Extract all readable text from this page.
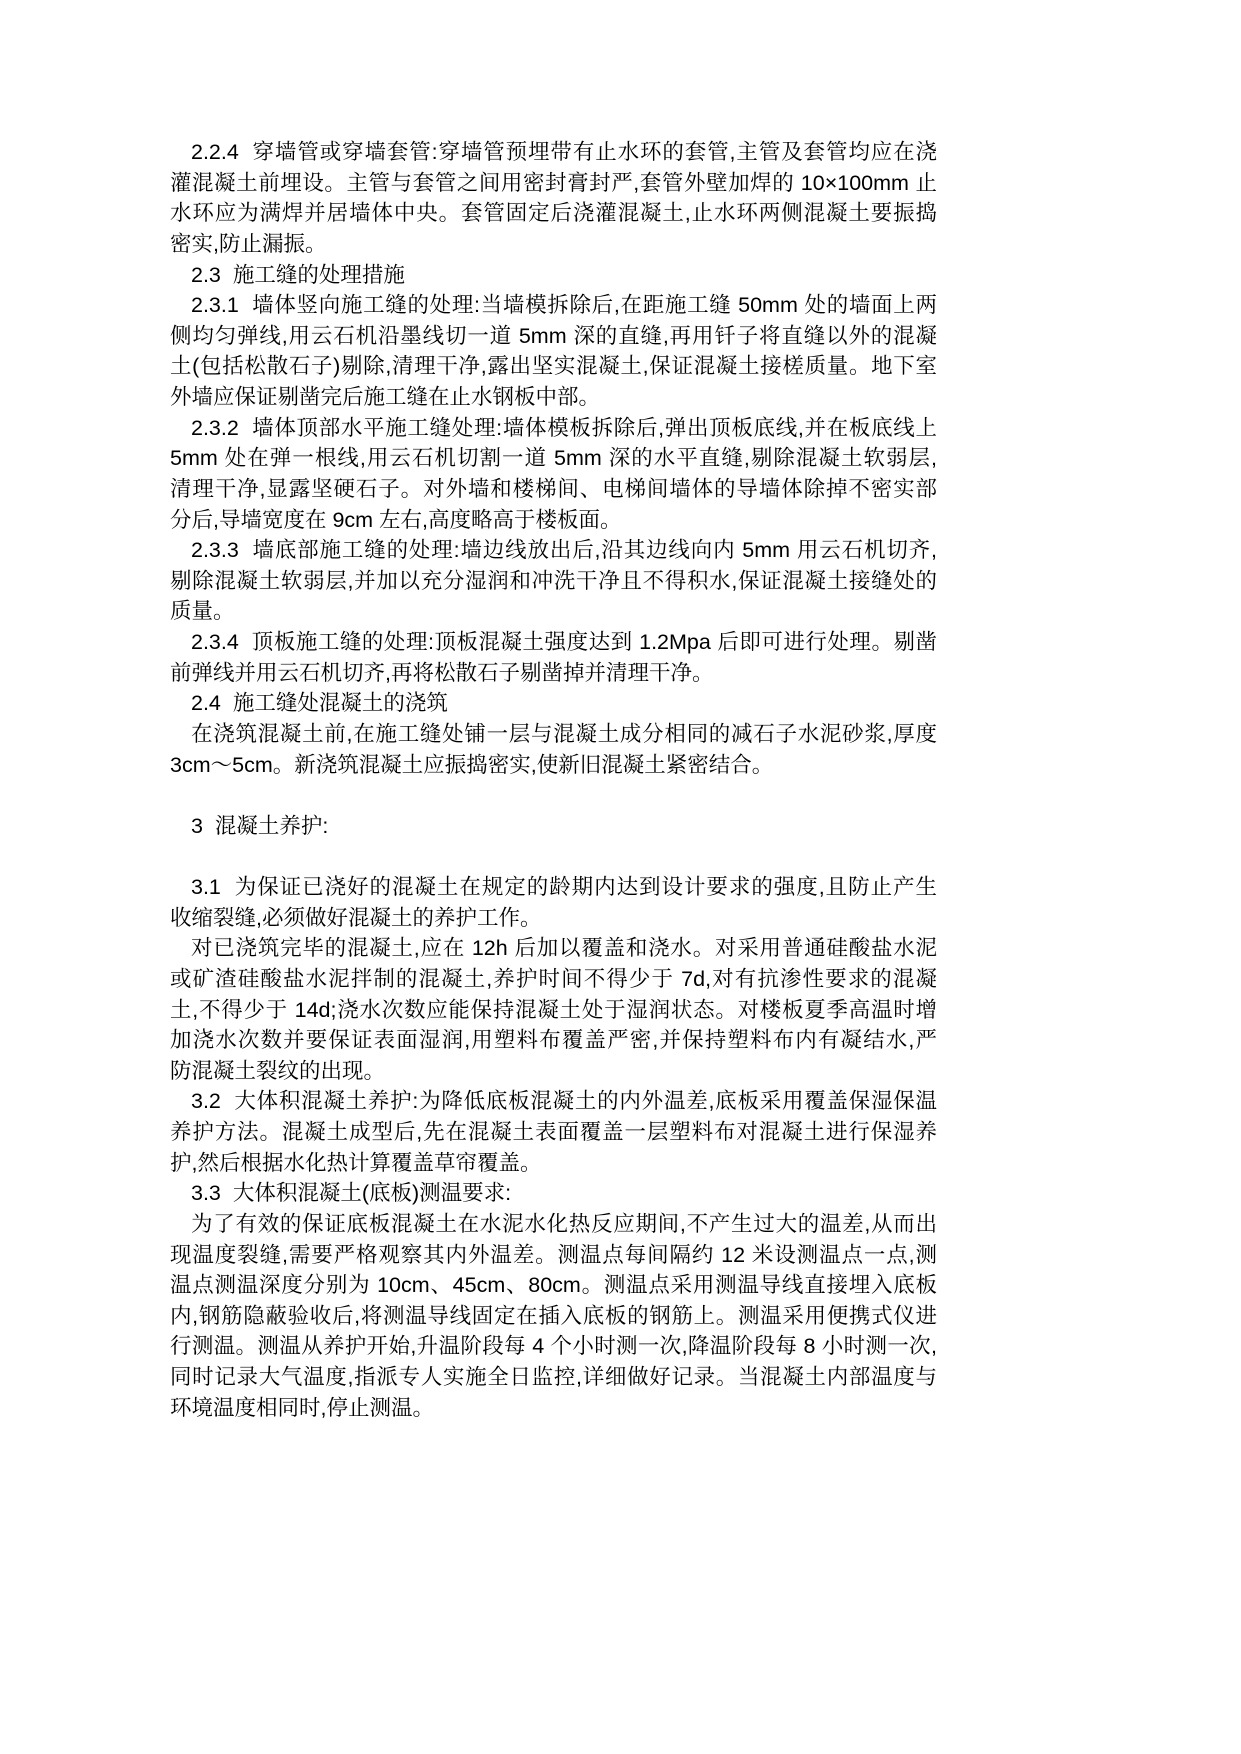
2.2.4  穿墙管或穿墙套管:穿墙管预埋带有止水环的套管,主管及套管均应在浇
灌混凝土前埋设。主管与套管之间用密封膏封严,套管外壁加焊的 10×100mm 止
水环应为满焊并居墙体中央。套管固定后浇灌混凝土,止水环两侧混凝土要振捣
密实,防止漏振。
2.3  施工缝的处理措施
2.3.1  墙体竖向施工缝的处理:当墙模拆除后,在距施工缝 50mm 处的墙面上两
侧均匀弹线,用云石机沿墨线切一道 5mm 深的直缝,再用钎子将直缝以外的混凝
土(包括松散石子)剔除,清理干净,露出坚实混凝土,保证混凝土接槎质量。地下室
外墙应保证剔凿完后施工缝在止水钢板中部。
2.3.2  墙体顶部水平施工缝处理:墙体模板拆除后,弹出顶板底线,并在板底线上
5mm 处在弹一根线,用云石机切割一道 5mm 深的水平直缝,剔除混凝土软弱层,
清理干净,显露坚硬石子。对外墙和楼梯间、电梯间墙体的导墙体除掉不密实部
分后,导墙宽度在 9cm 左右,高度略高于楼板面。
2.3.3  墙底部施工缝的处理:墙边线放出后,沿其边线向内 5mm 用云石机切齐,
剔除混凝土软弱层,并加以充分湿润和冲洗干净且不得积水,保证混凝土接缝处的
质量。
2.3.4  顶板施工缝的处理:顶板混凝土强度达到 1.2Mpa 后即可进行处理。剔凿
前弹线并用云石机切齐,再将松散石子剔凿掉并清理干净。
2.4  施工缝处混凝土的浇筑
在浇筑混凝土前,在施工缝处铺一层与混凝土成分相同的减石子水泥砂浆,厚度
3cm～5cm。新浇筑混凝土应振捣密实,使新旧混凝土紧密结合。
3  混凝土养护:
3.1  为保证已浇好的混凝土在规定的龄期内达到设计要求的强度,且防止产生
收缩裂缝,必须做好混凝土的养护工作。
对已浇筑完毕的混凝土,应在 12h 后加以覆盖和浇水。对采用普通硅酸盐水泥
或矿渣硅酸盐水泥拌制的混凝土,养护时间不得少于 7d,对有抗渗性要求的混凝
土,不得少于 14d;浇水次数应能保持混凝土处于湿润状态。对楼板夏季高温时增
加浇水次数并要保证表面湿润,用塑料布覆盖严密,并保持塑料布内有凝结水,严
防混凝土裂纹的出现。
3.2  大体积混凝土养护:为降低底板混凝土的内外温差,底板采用覆盖保湿保温
养护方法。混凝土成型后,先在混凝土表面覆盖一层塑料布对混凝土进行保湿养
护,然后根据水化热计算覆盖草帘覆盖。
3.3  大体积混凝土(底板)测温要求:
为了有效的保证底板混凝土在水泥水化热反应期间,不产生过大的温差,从而出
现温度裂缝,需要严格观察其内外温差。测温点每间隔约 12 米设测温点一点,测
温点测温深度分别为 10cm、45cm、80cm。测温点采用测温导线直接埋入底板
内,钢筋隐蔽验收后,将测温导线固定在插入底板的钢筋上。测温采用便携式仪进
行测温。测温从养护开始,升温阶段每 4 个小时测一次,降温阶段每 8 小时测一次,
同时记录大气温度,指派专人实施全日监控,详细做好记录。当混凝土内部温度与
环境温度相同时,停止测温。
